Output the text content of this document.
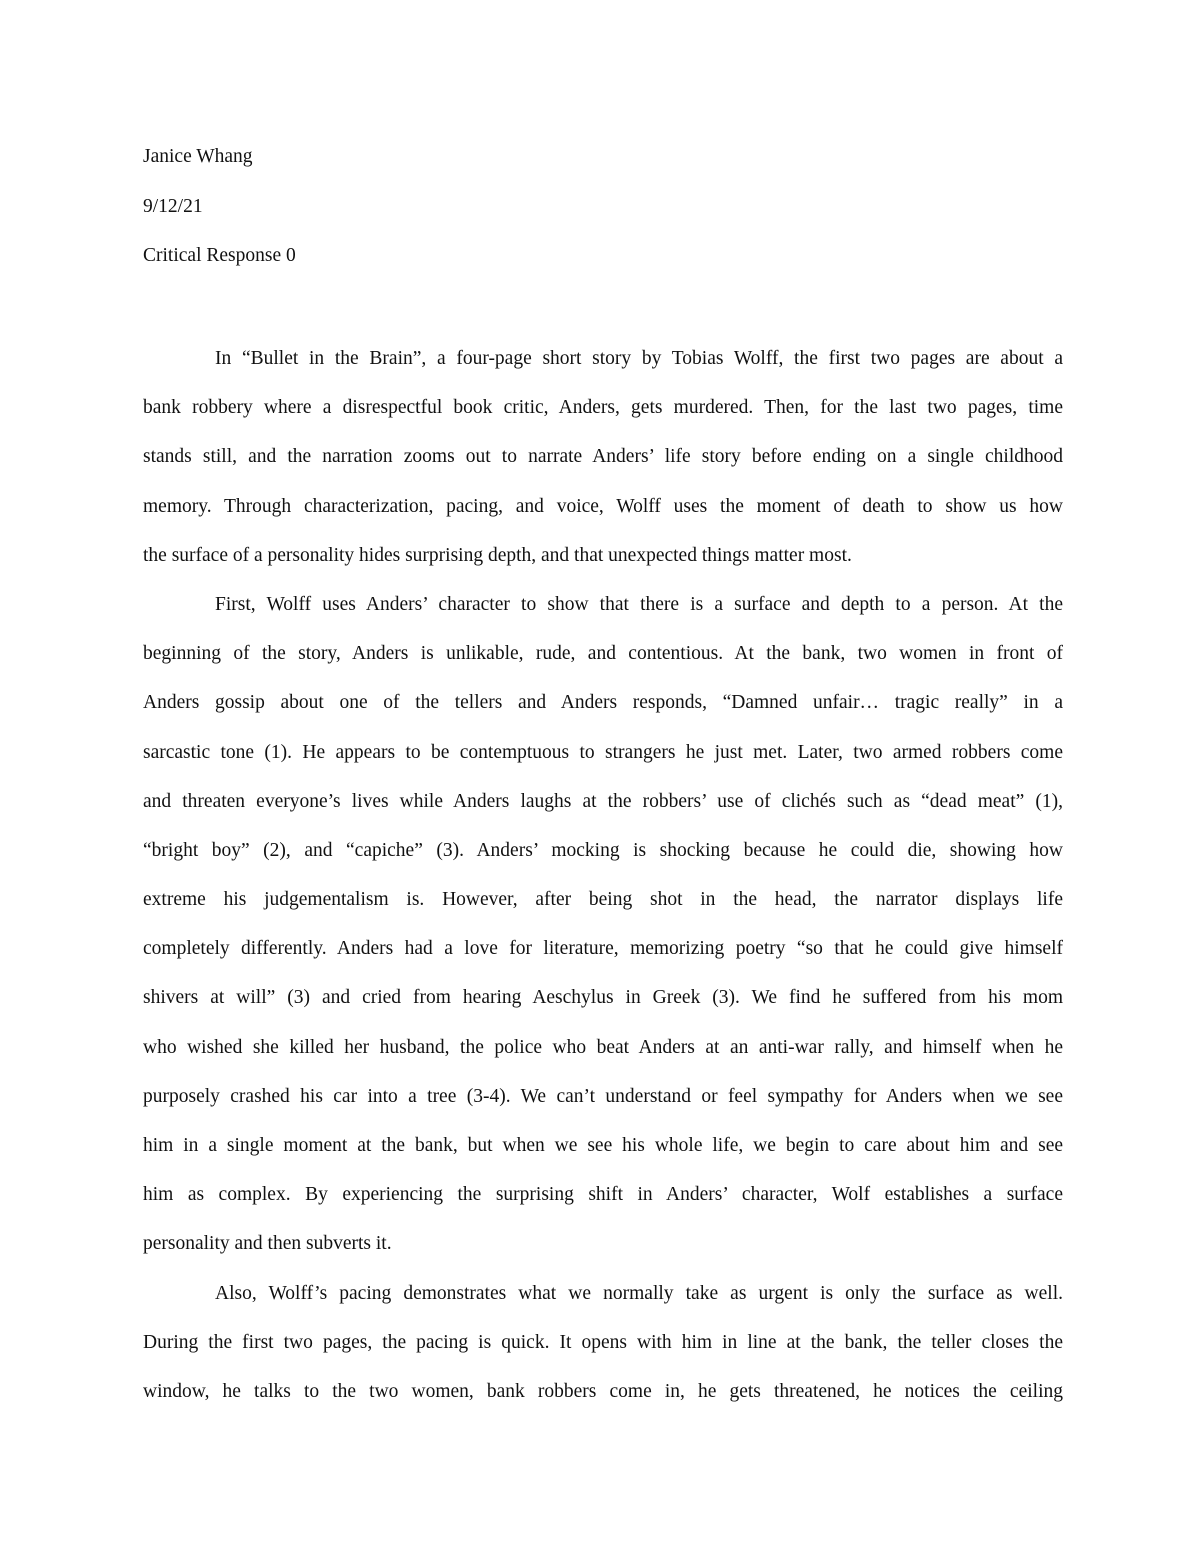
Janice Whang
9/12/21
Critical Response 0
In “Bullet in the Brain”, a four-page short story by Tobias Wolff, the first two pages are about a
bank robbery where a disrespectful book critic, Anders, gets murdered. Then, for the last two pages, time
stands still, and the narration zooms out to narrate Anders’ life story before ending on a single childhood
memory. Through characterization, pacing, and voice, Wolff uses the moment of death to show us how
the surface of a personality hides surprising depth, and that unexpected things matter most.
First, Wolff uses Anders’ character to show that there is a surface and depth to a person. At the
beginning of the story, Anders is unlikable, rude, and contentious. At the bank, two women in front of
Anders gossip about one of the tellers and Anders responds, “Damned unfair… tragic really” in a
sarcastic tone (1). He appears to be contemptuous to strangers he just met. Later, two armed robbers come
and threaten everyone’s lives while Anders laughs at the robbers’ use of clichés such as “dead meat” (1),
“bright boy” (2), and “capiche” (3). Anders’ mocking is shocking because he could die, showing how
extreme his judgementalism is. However, after being shot in the head, the narrator displays life
completely differently. Anders had a love for literature, memorizing poetry “so that he could give himself
shivers at will” (3) and cried from hearing Aeschylus in Greek (3). We find he suffered from his mom
who wished she killed her husband, the police who beat Anders at an anti-war rally, and himself when he
purposely crashed his car into a tree (3-4). We can’t understand or feel sympathy for Anders when we see
him in a single moment at the bank, but when we see his whole life, we begin to care about him and see
him as complex. By experiencing the surprising shift in Anders’ character, Wolf establishes a surface
personality and then subverts it.
Also, Wolff’s pacing demonstrates what we normally take as urgent is only the surface as well.
During the first two pages, the pacing is quick. It opens with him in line at the bank, the teller closes the
window, he talks to the two women, bank robbers come in, he gets threatened, he notices the ceiling
